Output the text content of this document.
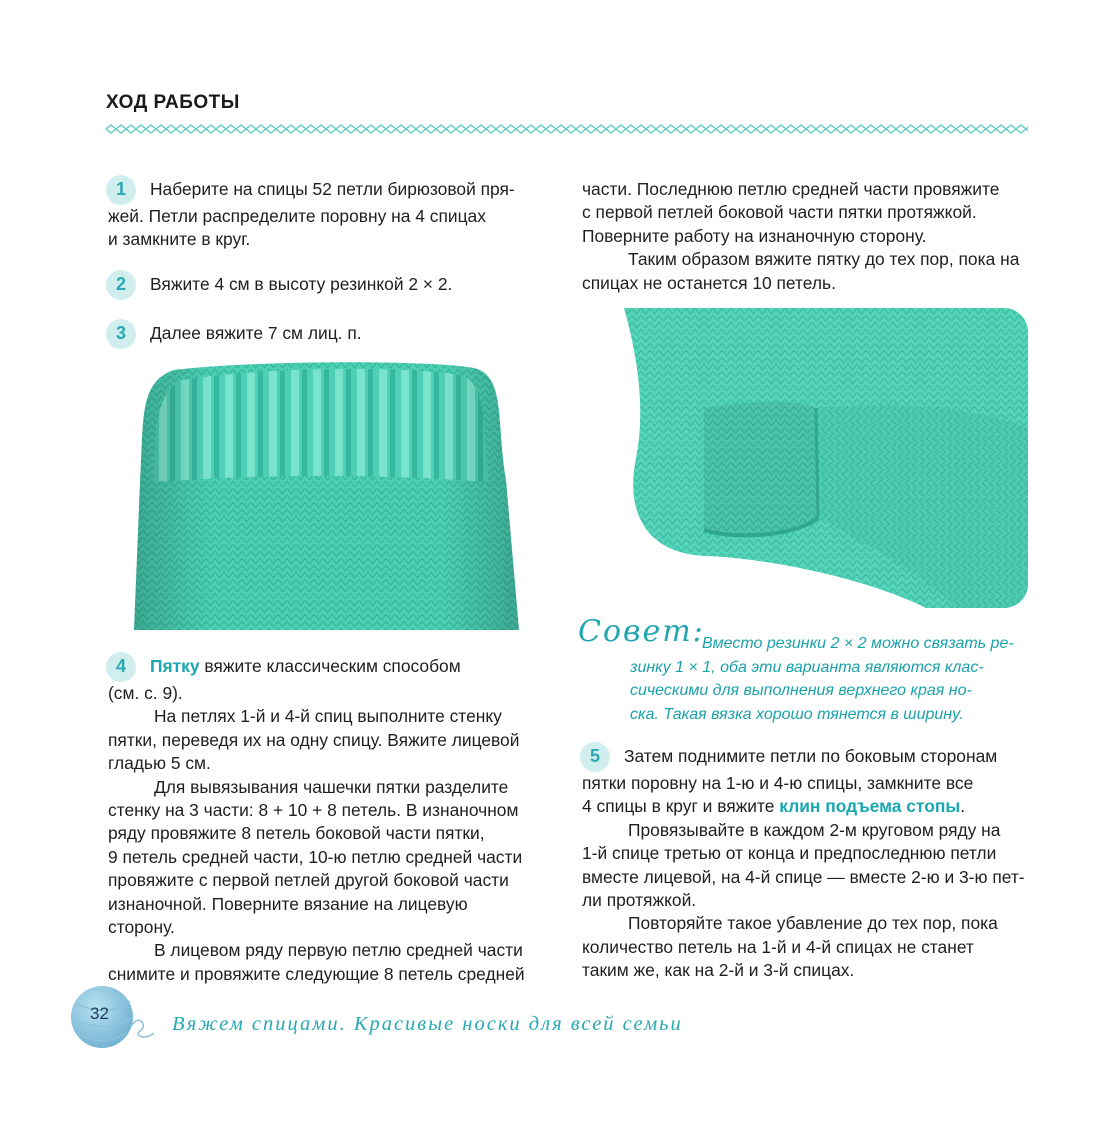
ХОД РАБОТЫ
1	Наберите на спицы 52 петли бирюзовой пря-

жей. Петли распределите поровну на 4 спицах

и замкните в круг.

2	Вяжите 4 см в высоту резинкой 2 × 2.

3	Далее вяжите 7 см лиц. п.

4	Пятку вяжите классическим способом

(см. с. 9).

На петлях 1-й и 4-й спиц выполните стенку

пятки, переведя их на одну спицу. Вяжите лицевой

гладью 5 см.

Для вывязывания чашечки пятки разделите

стенку на 3 части: 8 + 10 + 8 петель. В изнаночном

ряду провяжите 8 петель боковой части пятки,

9 петель средней части, 10-ю петлю средней части

провяжите с первой петлей другой боковой части

изнаночной. Поверните вязание на лицевую

сторону.

В лицевом ряду первую петлю средней части

снимите и провяжите следующие 8 петель средней

части. Последнюю петлю средней части провяжите

с первой петлей боковой части пятки протяжкой.

Поверните работу на изнаночную сторону.

Таким образом вяжите пятку до тех пор, пока на

спицах не останется 10 петель.

Совет:
Вместо резинки 2 × 2 можно связать ре-
зинку 1 × 1, оба эти варианта являются клас-
сическими для выполнения верхнего края но-
ска. Такая вязка хорошо тянется в ширину.
5	Затем поднимите петли по боковым сторонам

пятки поровну на 1-ю и 4-ю спицы, замкните все

4 спицы в круг и вяжите клин подъема стопы.

Провязывайте в каждом 2-м круговом ряду на

1-й спице третью от конца и предпоследнюю петли

вместе лицевой, на 4-й спице — вместе 2-ю и 3-ю пет-

ли протяжкой.

Повторяйте такое убавление до тех пор, пока

количество петель на 1-й и 4-й спицах не станет

таким же, как на 2-й и 3-й спицах.

32	Вяжем спицами. Красивые носки для всей семьи
